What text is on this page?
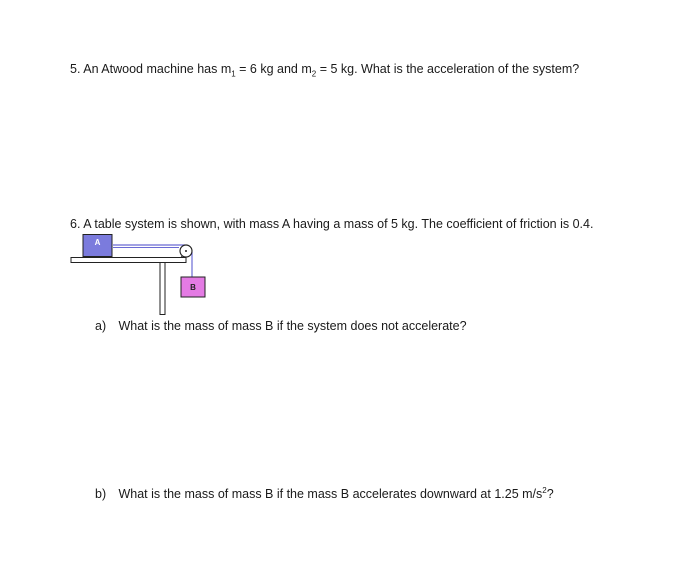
5. An Atwood machine has $m_1 = 6$ kg and $m_2 = 5$ kg. What is the acceleration of the system?

6. A table system is shown, with mass A having a mass of 5 kg. The coefficient of friction is 0.4.

A
B

a) What is the mass of mass B if the system does not accelerate?

b) What is the mass of mass B if the mass B accelerates downward at 1.25 $m/s^2$?
